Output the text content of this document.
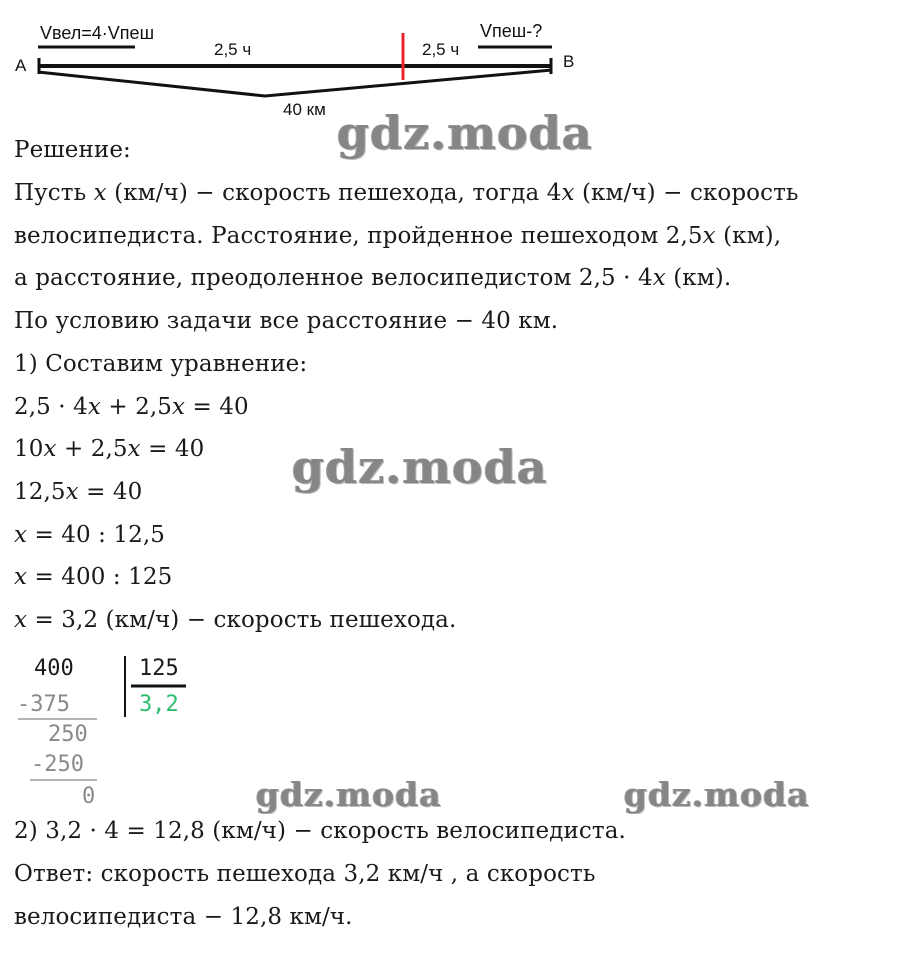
Vвел=4·Vпеш
2,5 ч	2,5 ч
Vпеш-?
А	В
40 км gdz.moda
gdz.moda
gdz.moda	gdz.moda
Решение:
Пусть x (км/ч) − скорость пешехода, тогда 4x (км/ч) − скорость
велосипедиста. Расстояние, пройденное пешеходом 2,5x (км),
а расстояние, преодоленное велосипедистом 2,5 · 4x (км).
По условию задачи все расстояние − 40 км.
1) Составим уравнение:
2,5 · 4x + 2,5x = 40
10x + 2,5x = 40
12,5x = 40
x = 40 : 12,5
x = 400 : 125
x = 3,2 (км/ч) − скорость пешехода.
400	125
3,2
-375
250
-250
0
2) 3,2 · 4 = 12,8 (км/ч) − скорость велосипедиста.
Ответ: скорость пешехода 3,2 км/ч , а скорость
велосипедиста − 12,8 км/ч.
